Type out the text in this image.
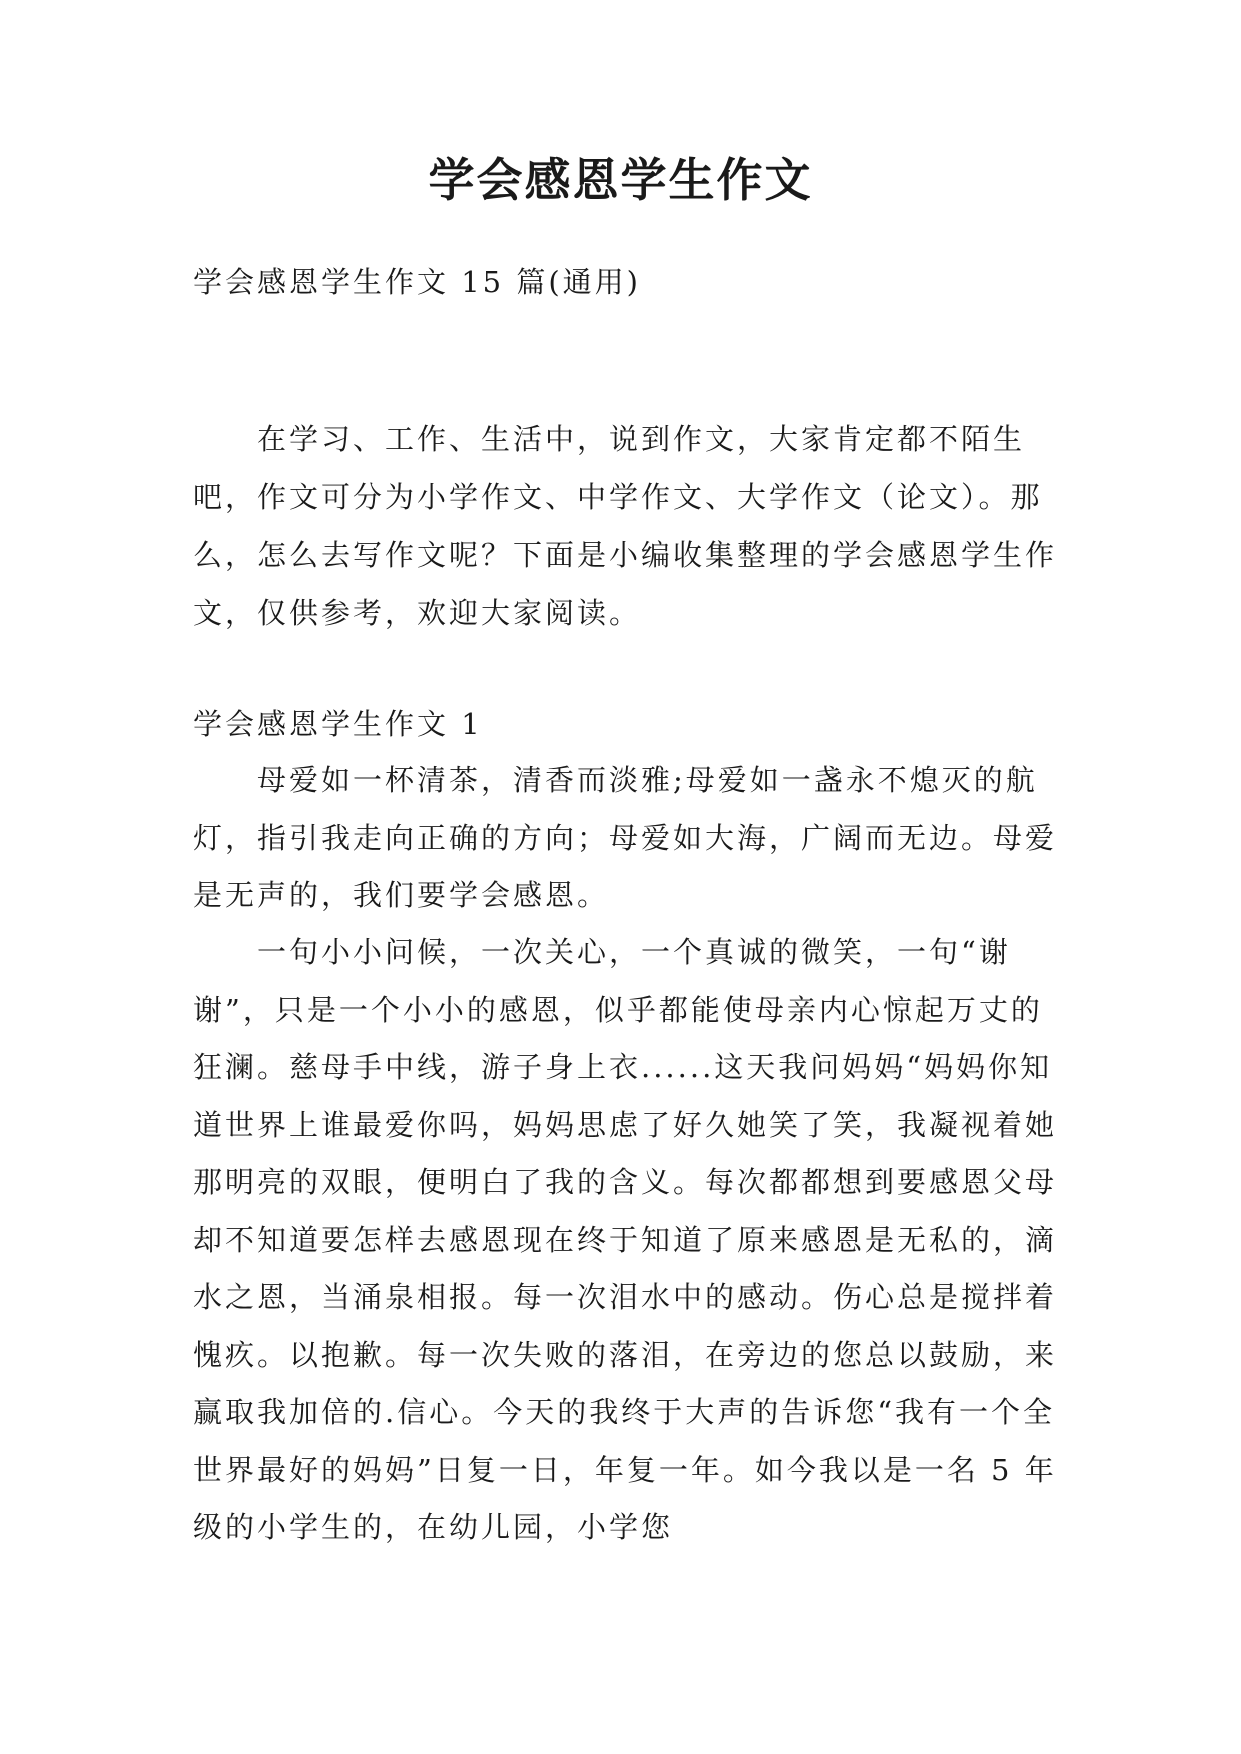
学会感恩学生作文
学会感恩学生作文 15 篇(通用)

在学习、工作、生活中，说到作文，大家肯定都不陌生吧，作文可分为小学作文、中学作文、大学作文（论文）。那么，怎么去写作文呢？下面是小编收集整理的学会感恩学生作文，仅供参考，欢迎大家阅读。

学会感恩学生作文 1

母爱如一杯清茶，清香而淡雅;母爱如一盏永不熄灭的航灯，指引我走向正确的方向；母爱如大海，广阔而无边。母爱是无声的，我们要学会感恩。

一句小小问候，一次关心，一个真诚的微笑，一句“谢谢”，只是一个小小的感恩，似乎都能使母亲内心惊起万丈的狂澜。慈母手中线，游子身上衣......这天我问妈妈“妈妈你知道世界上谁最爱你吗，妈妈思虑了好久她笑了笑，我凝视着她那明亮的双眼，便明白了我的含义。每次都都想到要感恩父母却不知道要怎样去感恩现在终于知道了原来感恩是无私的，滴水之恩，当涌泉相报。每一次泪水中的感动。伤心总是搅拌着愧疚。以抱歉。每一次失败的落泪，在旁边的您总以鼓励，来赢取我加倍的.信心。今天的我终于大声的告诉您“我有一个全世界最好的妈妈”日复一日，年复一年。如今我以是一名 5 年级的小学生的，在幼儿园，小学您
